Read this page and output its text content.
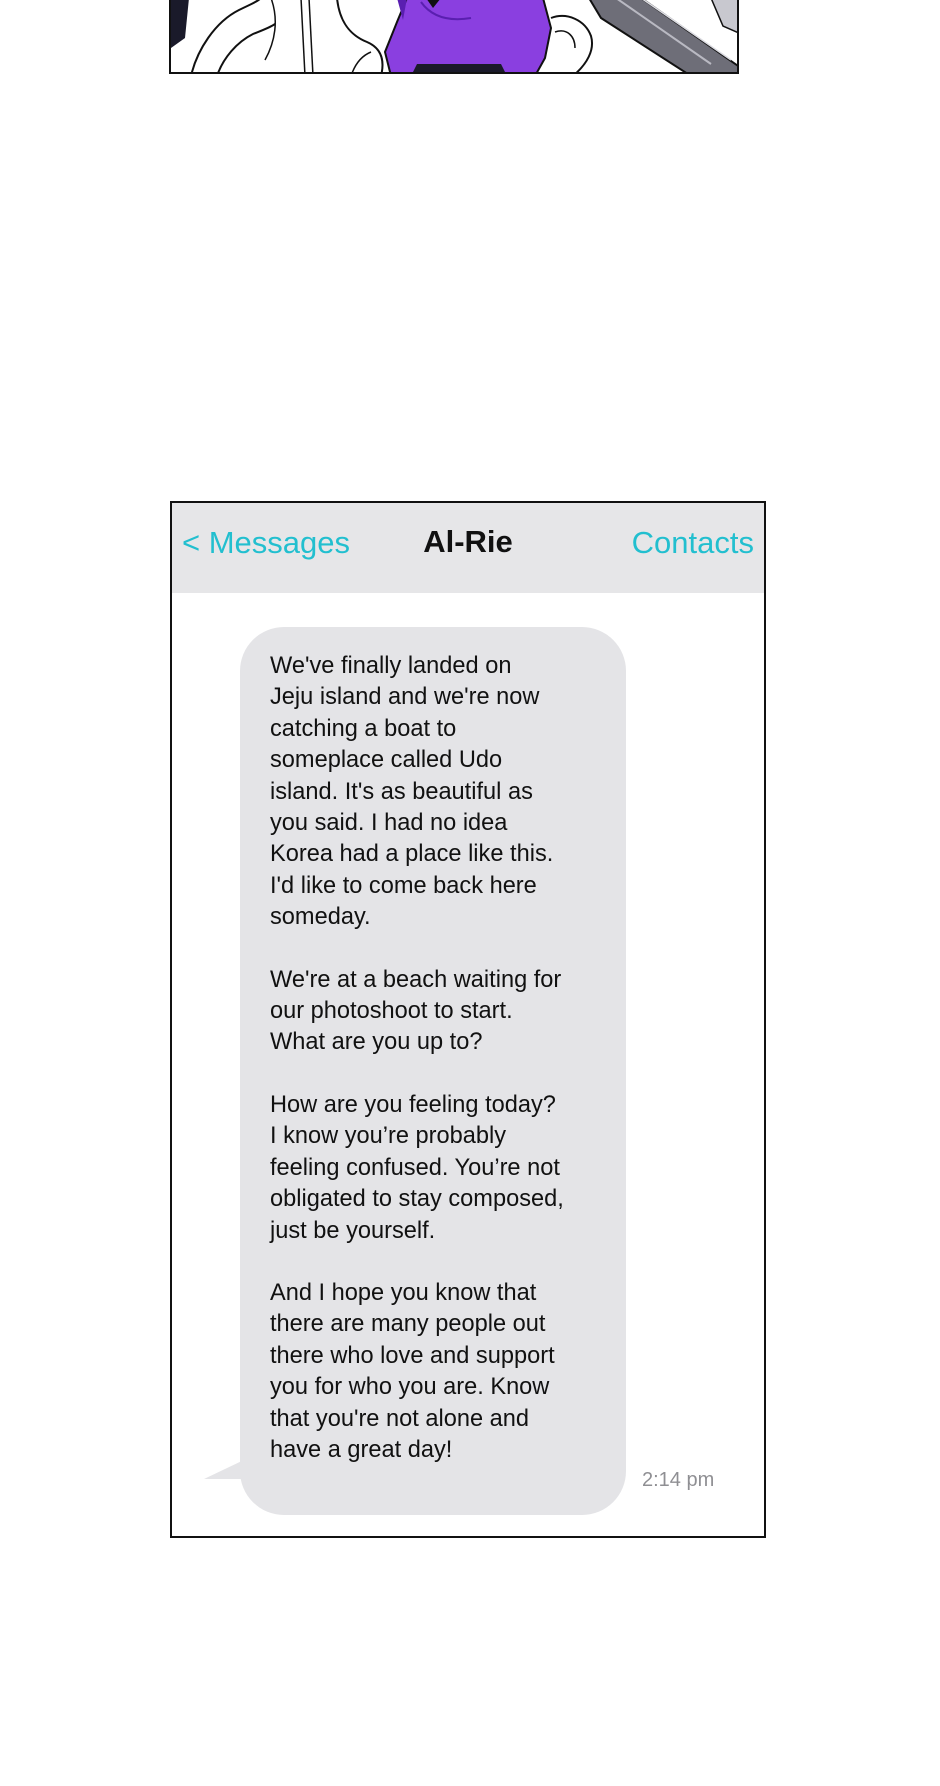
< Messages	Al-Rie	Contacts

We've finally landed on
Jeju island and we're now
catching a boat to
someplace called Udo
island. It's as beautiful as
you said. I had no idea
Korea had a place like this.
I'd like to come back here
someday.

We're at a beach waiting for
our photoshoot to start.
What are you up to?

How are you feeling today?
I know you’re probably
feeling confused. You’re not
obligated to stay composed,
just be yourself.

And I hope you know that
there are many people out
there who love and support
you for who you are. Know
that you're not alone and
have a great day!

2:14 pm
